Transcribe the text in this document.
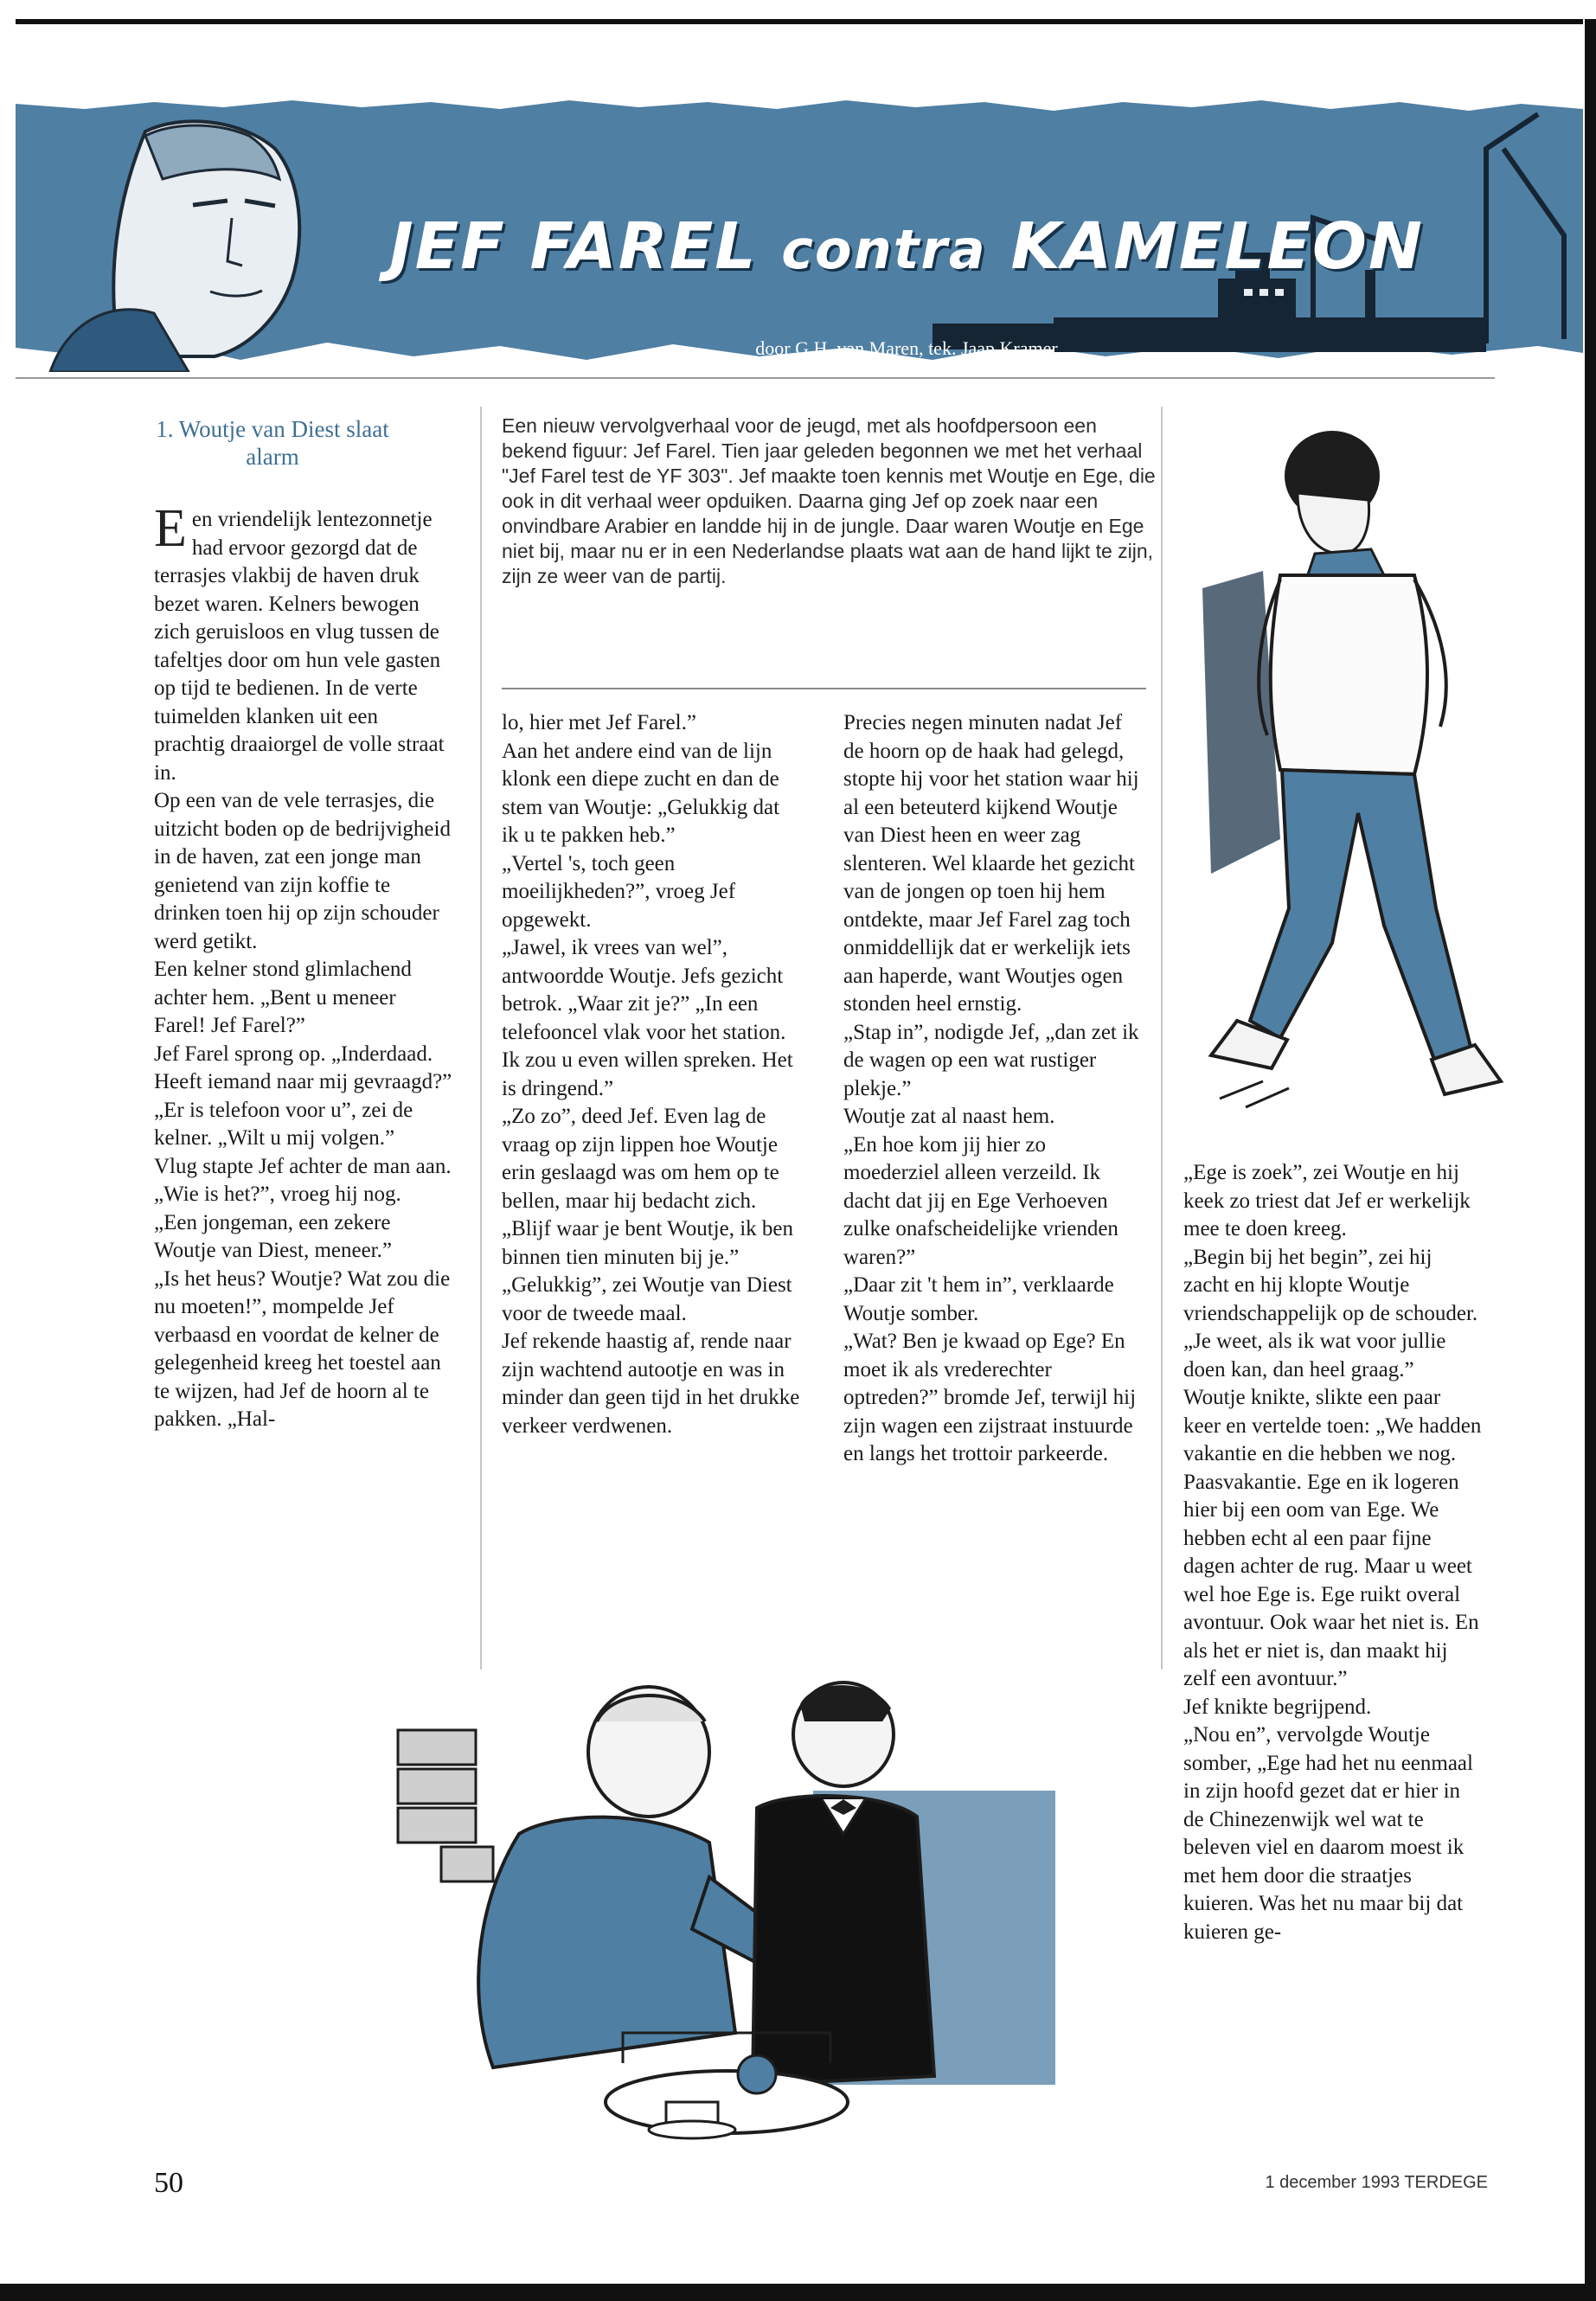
JEF FAREL contra KAMELEON
door G.H. van Maren, tek. Jaap Kramer
1. Woutje van Diest slaat alarm
Een nieuw vervolgverhaal voor de jeugd, met als hoofdpersoon een bekend figuur: Jef Farel. Tien jaar geleden begonnen we met het verhaal "Jef Farel test de YF 303". Jef maakte toen kennis met Woutje en Ege, die ook in dit verhaal weer opduiken. Daarna ging Jef op zoek naar een onvindbare Arabier en landde hij in de jungle. Daar waren Woutje en Ege niet bij, maar nu er in een Nederlandse plaats wat aan de hand lijkt te zijn, zijn ze weer van de partij.

Een vriendelijk lentezonnetje had ervoor gezorgd dat de terrasjes vlakbij de haven druk bezet waren. Kelners bewogen zich geruisloos en vlug tussen de tafeltjes door om hun vele gasten op tijd te bedienen. In de verte tuimelden klanken uit een prachtig draaiorgel de volle straat in.

Op een van de vele terrasjes, die uitzicht boden op de bedrijvigheid in de haven, zat een jonge man genietend van zijn koffie te drinken toen hij op zijn schouder werd getikt.

Een kelner stond glimlachend achter hem. „Bent u meneer Farel! Jef Farel?”

Jef Farel sprong op. „Inderdaad. Heeft iemand naar mij gevraagd?”

„Er is telefoon voor u”, zei de kelner. „Wilt u mij volgen.”

Vlug stapte Jef achter de man aan. „Wie is het?”, vroeg hij nog.

„Een jongeman, een zekere Woutje van Diest, meneer.”

„Is het heus? Woutje? Wat zou die nu moeten!”, mompelde Jef verbaasd en voordat de kelner de gelegenheid kreeg het toestel aan te wijzen, had Jef de hoorn al te pakken. „Hal-

lo, hier met Jef Farel.”

Aan het andere eind van de lijn klonk een diepe zucht en dan de stem van Woutje: „Gelukkig dat ik u te pakken heb.”

„Vertel 's, toch geen moeilijkheden?”, vroeg Jef opgewekt.

„Jawel, ik vrees van wel”, antwoordde Woutje. Jefs gezicht betrok. „Waar zit je?” „In een telefooncel vlak voor het station. Ik zou u even willen spreken. Het is dringend.”

„Zo zo”, deed Jef. Even lag de vraag op zijn lippen hoe Woutje erin geslaagd was om hem op te bellen, maar hij bedacht zich. „Blijf waar je bent Woutje, ik ben binnen tien minuten bij je.”

„Gelukkig”, zei Woutje van Diest voor de tweede maal.

Jef rekende haastig af, rende naar zijn wachtend autootje en was in minder dan geen tijd in het drukke verkeer verdwenen.

Precies negen minuten nadat Jef de hoorn op de haak had gelegd, stopte hij voor het station waar hij al een beteuterd kijkend Woutje van Diest heen en weer zag slenteren. Wel klaarde het gezicht van de jongen op toen hij hem ontdekte, maar Jef Farel zag toch onmiddellijk dat er werkelijk iets aan haperde, want Woutjes ogen stonden heel ernstig.

„Stap in”, nodigde Jef, „dan zet ik de wagen op een wat rustiger plekje.”

Woutje zat al naast hem.

„En hoe kom jij hier zo moederziel alleen verzeild. Ik dacht dat jij en Ege Verhoeven zulke onafscheidelijke vrienden waren?”

„Daar zit 't hem in”, verklaarde Woutje somber.

„Wat? Ben je kwaad op Ege? En moet ik als vrederechter optreden?” bromde Jef, terwijl hij zijn wagen een zijstraat instuurde en langs het trottoir parkeerde.

„Ege is zoek”, zei Woutje en hij keek zo triest dat Jef er werkelijk mee te doen kreeg.

„Begin bij het begin”, zei hij zacht en hij klopte Woutje vriendschappelijk op de schouder.

„Je weet, als ik wat voor jullie doen kan, dan heel graag.”

Woutje knikte, slikte een paar keer en vertelde toen: „We hadden vakantie en die hebben we nog. Paasvakantie. Ege en ik logeren hier bij een oom van Ege. We hebben echt al een paar fijne dagen achter de rug. Maar u weet wel hoe Ege is. Ege ruikt overal avontuur. Ook waar het niet is. En als het er niet is, dan maakt hij zelf een avontuur.”

Jef knikte begrijpend.

„Nou en”, vervolgde Woutje somber, „Ege had het nu eenmaal in zijn hoofd gezet dat er hier in de Chinezenwijk wel wat te beleven viel en daarom moest ik met hem door die straatjes kuieren. Was het nu maar bij dat kuieren ge-

50	1 december 1993 TERDEGE
